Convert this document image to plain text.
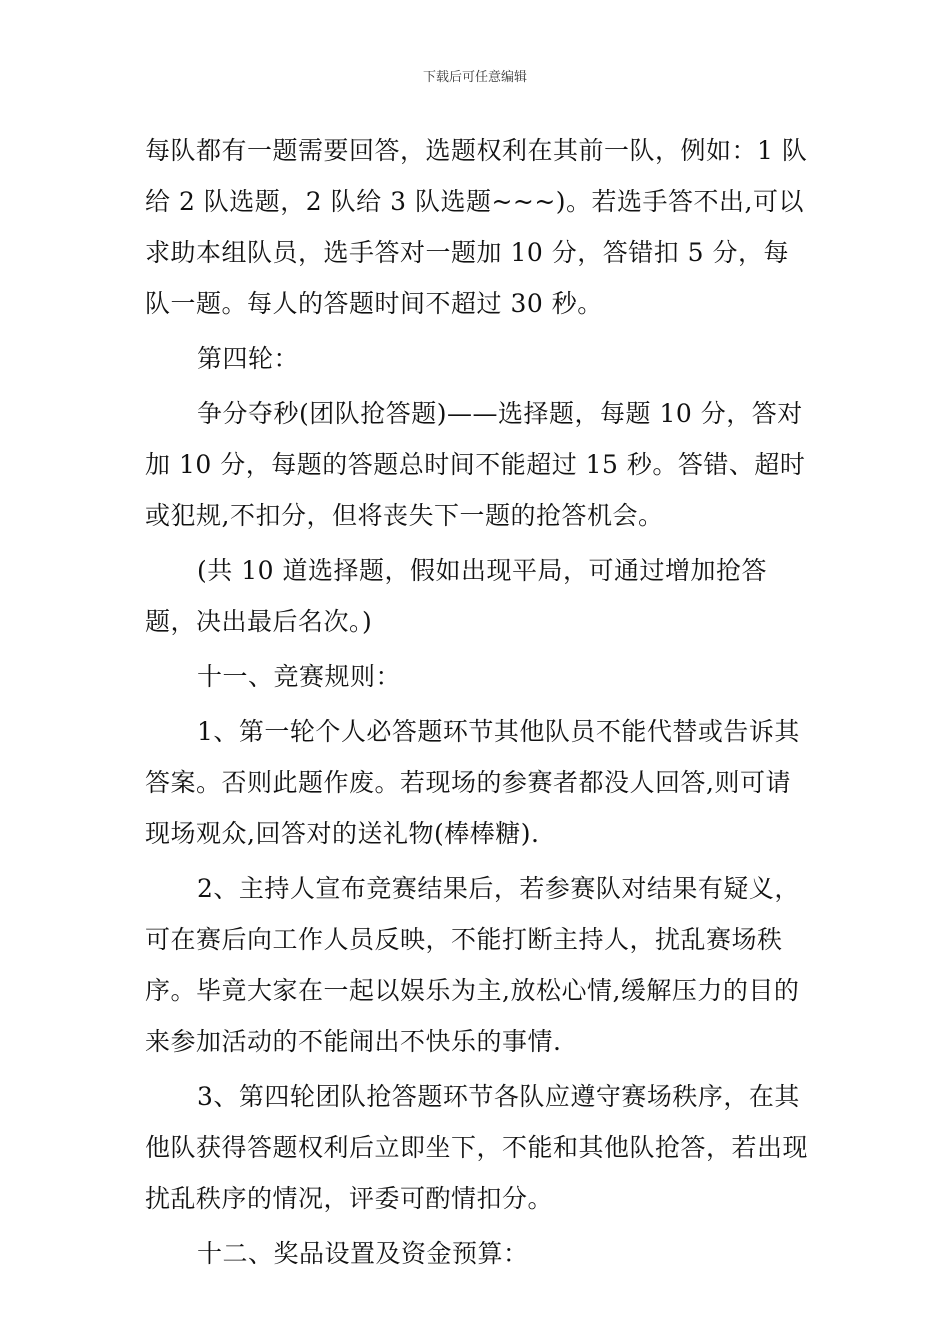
下载后可任意编辑

每队都有一题需要回答，选题权利在其前一队，例如：1 队给 2 队选题，2 队给 3 队选题~~~)。若选手答不出,可以求助本组队员，选手答对一题加 10 分，答错扣 5 分，每队一题。每人的答题时间不超过 30 秒。

第四轮：

争分夺秒(团队抢答题)——选择题，每题 10 分，答对加 10 分，每题的答题总时间不能超过 15 秒。答错、超时或犯规,不扣分，但将丧失下一题的抢答机会。

(共 10 道选择题，假如出现平局，可通过增加抢答题，决出最后名次。)

十一、竞赛规则：

1、第一轮个人必答题环节其他队员不能代替或告诉其答案。否则此题作废。若现场的参赛者都没人回答,则可请现场观众,回答对的送礼物(棒棒糖).

2、主持人宣布竞赛结果后，若参赛队对结果有疑义，可在赛后向工作人员反映，不能打断主持人，扰乱赛场秩序。毕竟大家在一起以娱乐为主,放松心情,缓解压力的目的来参加活动的不能闹出不快乐的事情.

3、第四轮团队抢答题环节各队应遵守赛场秩序，在其他队获得答题权利后立即坐下，不能和其他队抢答，若出现扰乱秩序的情况，评委可酌情扣分。

十二、奖品设置及资金预算：
